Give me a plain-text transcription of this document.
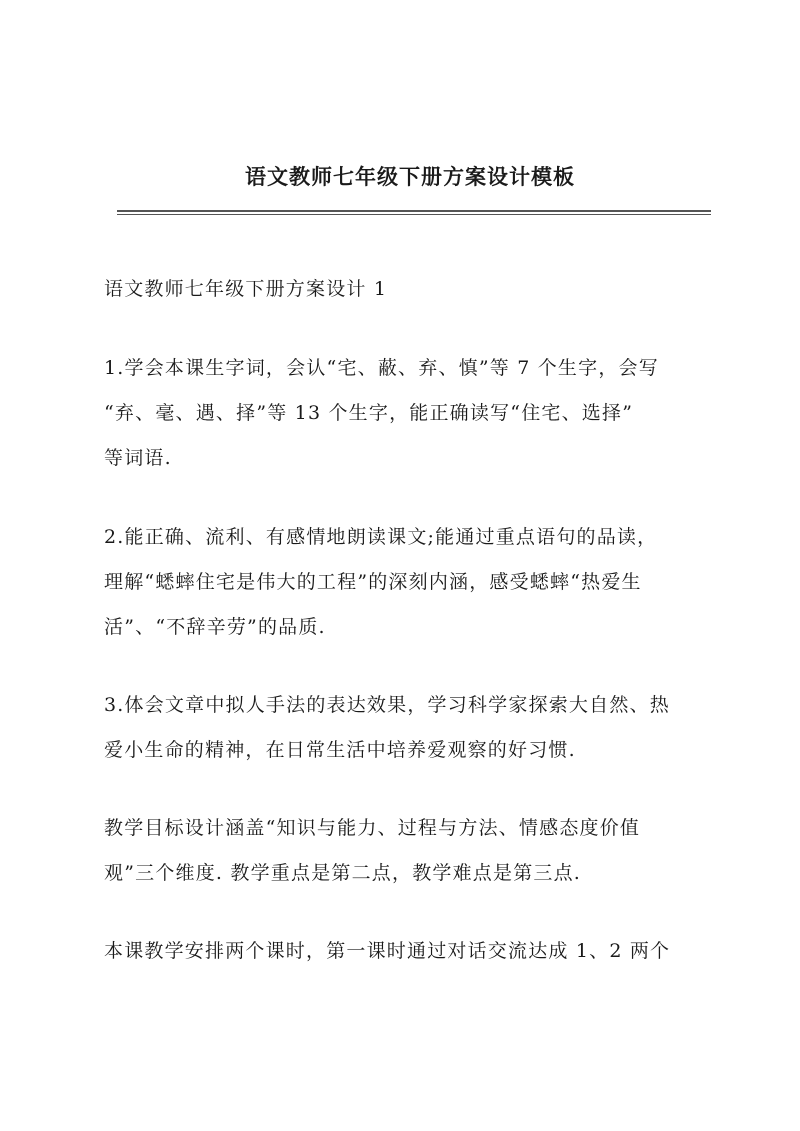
语文教师七年级下册方案设计模板
语文教师七年级下册方案设计 1
1.学会本课生字词，会认“宅、蔽、弃、慎”等 7 个生字，会写
“弃、毫、遇、择”等 13 个生字，能正确读写“住宅、选择”
等词语.
2.能正确、流利、有感情地朗读课文;能通过重点语句的品读，
理解“蟋蟀住宅是伟大的工程”的深刻内涵，感受蟋蟀“热爱生
活”、“不辞辛劳”的品质.
3.体会文章中拟人手法的表达效果，学习科学家探索大自然、热
爱小生命的精神，在日常生活中培养爱观察的好习惯.
教学目标设计涵盖“知识与能力、过程与方法、情感态度价值
观”三个维度. 教学重点是第二点，教学难点是第三点.
本课教学安排两个课时，第一课时通过对话交流达成 1、2 两个
